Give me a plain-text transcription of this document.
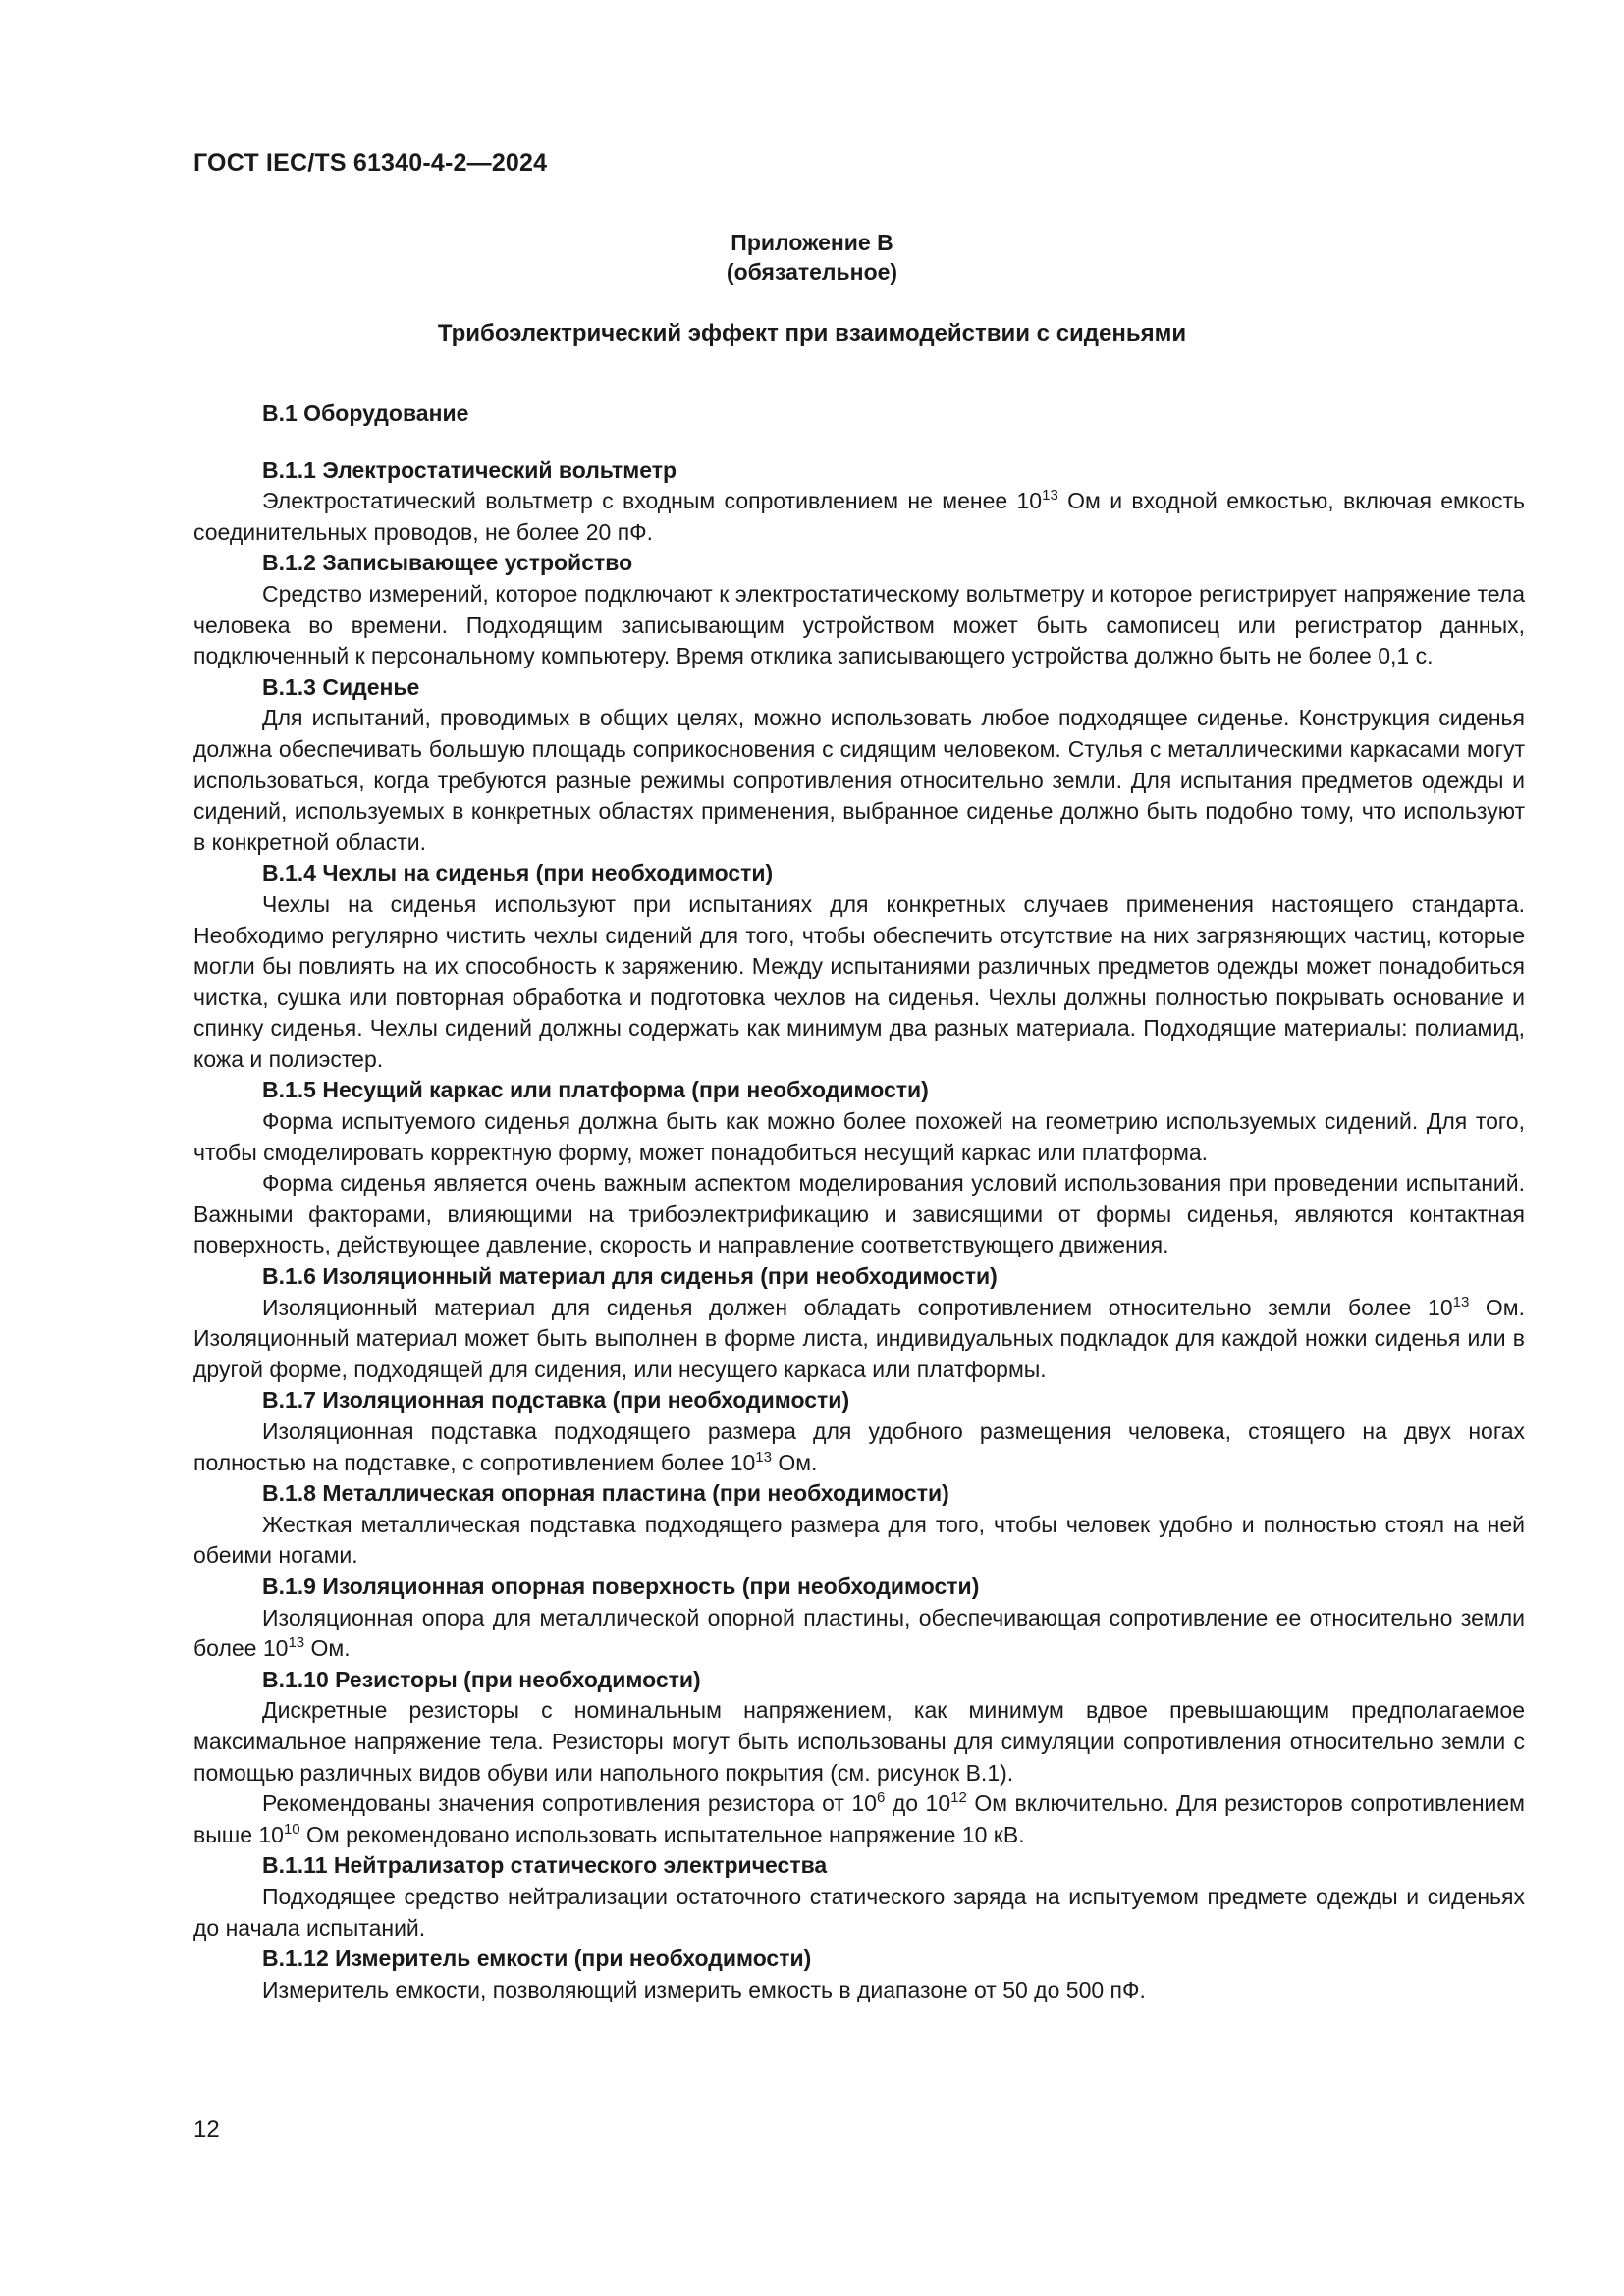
ГОСТ IEC/TS 61340-4-2—2024
Приложение B
(обязательное)
Трибоэлектрический эффект при взаимодействии с сиденьями
B.1 Оборудование
B.1.1 Электростатический вольтметр

Электростатический вольтметр с входным сопротивлением не менее $10^{13}$ Ом и входной емкостью, включая емкость соединительных проводов, не более 20 пФ.

B.1.2 Записывающее устройство

Средство измерений, которое подключают к электростатическому вольтметру и которое регистрирует напряжение тела человека во времени. Подходящим записывающим устройством может быть самописец или регистратор данных, подключенный к персональному компьютеру. Время отклика записывающего устройства должно быть не более 0,1 с.

B.1.3 Сиденье

Для испытаний, проводимых в общих целях, можно использовать любое подходящее сиденье. Конструкция сиденья должна обеспечивать большую площадь соприкосновения с сидящим человеком. Стулья с металлическими каркасами могут использоваться, когда требуются разные режимы сопротивления относительно земли. Для испытания предметов одежды и сидений, используемых в конкретных областях применения, выбранное сиденье должно быть подобно тому, что используют в конкретной области.

B.1.4 Чехлы на сиденья (при необходимости)

Чехлы на сиденья используют при испытаниях для конкретных случаев применения настоящего стандарта. Необходимо регулярно чистить чехлы сидений для того, чтобы обеспечить отсутствие на них загрязняющих частиц, которые могли бы повлиять на их способность к заряжению. Между испытаниями различных предметов одежды может понадобиться чистка, сушка или повторная обработка и подготовка чехлов на сиденья. Чехлы должны полностью покрывать основание и спинку сиденья. Чехлы сидений должны содержать как минимум два разных материала. Подходящие материалы: полиамид, кожа и полиэстер.

B.1.5 Несущий каркас или платформа (при необходимости)

Форма испытуемого сиденья должна быть как можно более похожей на геометрию используемых сидений. Для того, чтобы смоделировать корректную форму, может понадобиться несущий каркас или платформа.

Форма сиденья является очень важным аспектом моделирования условий использования при проведении испытаний. Важными факторами, влияющими на трибоэлектрификацию и зависящими от формы сиденья, являются контактная поверхность, действующее давление, скорость и направление соответствующего движения.

B.1.6 Изоляционный материал для сиденья (при необходимости)

Изоляционный материал для сиденья должен обладать сопротивлением относительно земли более $10^{13}$ Ом. Изоляционный материал может быть выполнен в форме листа, индивидуальных подкладок для каждой ножки сиденья или в другой форме, подходящей для сидения, или несущего каркаса или платформы.

B.1.7 Изоляционная подставка (при необходимости)

Изоляционная подставка подходящего размера для удобного размещения человека, стоящего на двух ногах полностью на подставке, с сопротивлением более $10^{13}$ Ом.

B.1.8 Металлическая опорная пластина (при необходимости)

Жесткая металлическая подставка подходящего размера для того, чтобы человек удобно и полностью стоял на ней обеими ногами.

B.1.9 Изоляционная опорная поверхность (при необходимости)

Изоляционная опора для металлической опорной пластины, обеспечивающая сопротивление ее относительно земли более $10^{13}$ Ом.

B.1.10 Резисторы (при необходимости)

Дискретные резисторы с номинальным напряжением, как минимум вдвое превышающим предполагаемое максимальное напряжение тела. Резисторы могут быть использованы для симуляции сопротивления относительно земли с помощью различных видов обуви или напольного покрытия (см. рисунок B.1).

Рекомендованы значения сопротивления резистора от $10^6$ до $10^{12}$ Ом включительно. Для резисторов сопротивлением выше $10^{10}$ Ом рекомендовано использовать испытательное напряжение 10 кВ.

B.1.11 Нейтрализатор статического электричества

Подходящее средство нейтрализации остаточного статического заряда на испытуемом предмете одежды и сиденьях до начала испытаний.

B.1.12 Измеритель емкости (при необходимости)

Измеритель емкости, позволяющий измерить емкость в диапазоне от 50 до 500 пФ.

12
